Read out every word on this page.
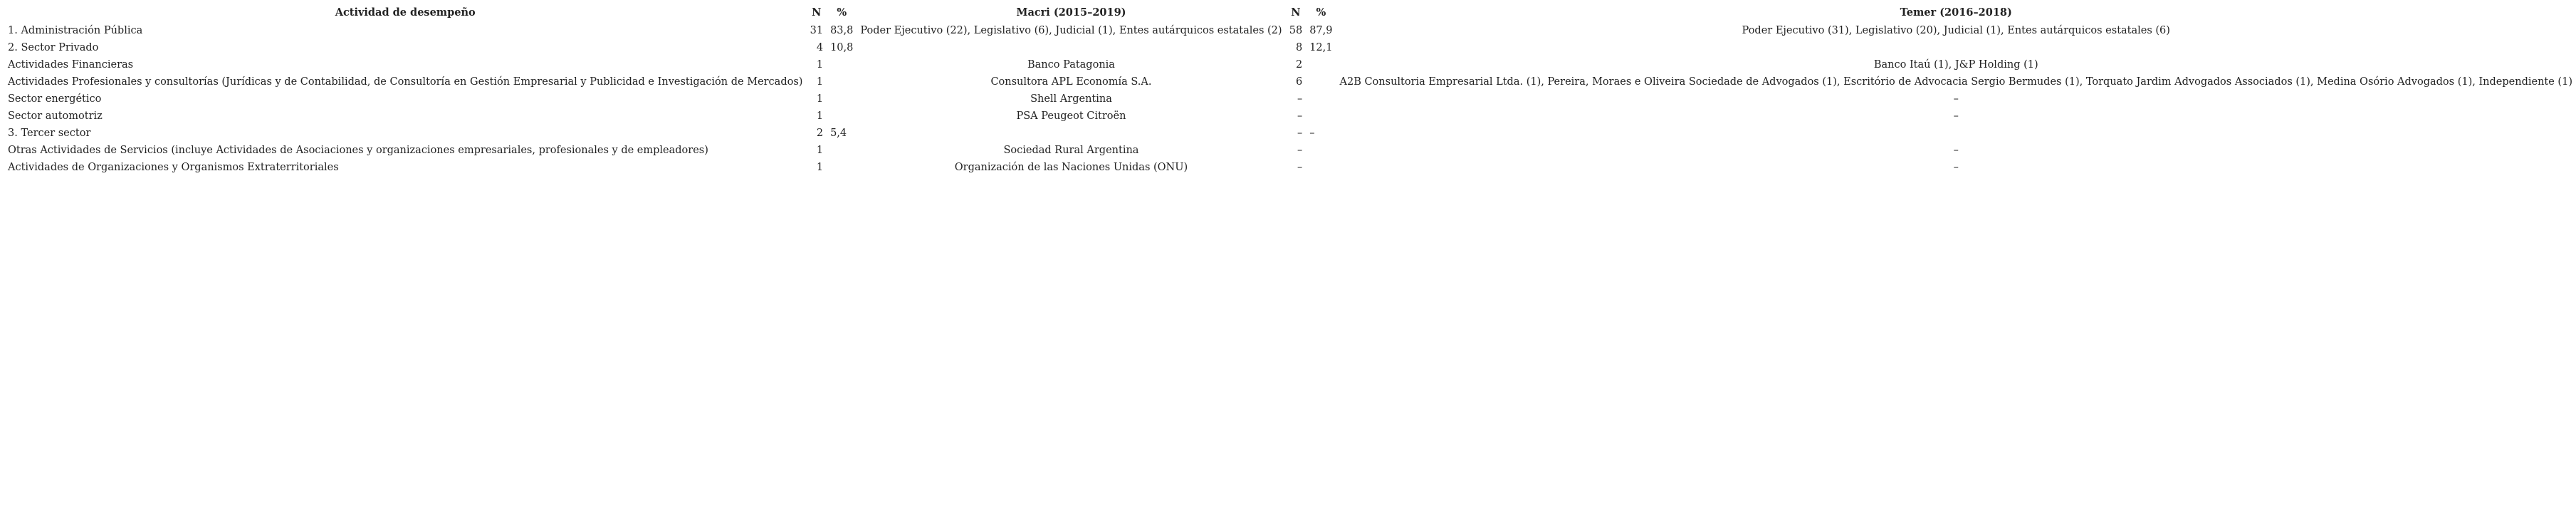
Actividad de desempeño	N	%	Macri (2015–2019)	N	%	Temer (2016–2018)
1. Administración Pública	31	83,8	Poder Ejecutivo (22), Legislativo (6), Judicial (1), Entes autárquicos estatales (2)	58	87,9	Poder Ejecutivo (31), Legislativo (20), Judicial (1), Entes autárquicos estatales (6)
2. Sector Privado	4	10,8		8	12,1	
Actividades Financieras	1		Banco Patagonia	2		Banco Itaú (1), J&P Holding (1)
Actividades Profesionales y consultorías (Jurídicas y de Contabilidad, de Consultoría en Gestión Empresarial y Publicidad e Investigación de Mercados)	1		Consultora APL Economía S.A.	6		A2B Consultoria Empresarial Ltda. (1), Pereira, Moraes e Oliveira Sociedade de Advogados (1), Escritório de Advocacia Sergio Bermudes (1), Torquato Jardim Advogados Associados (1), Medina Osório Advogados (1), Independiente (1)
Sector energético	1		Shell Argentina	–		–
Sector automotriz	1		PSA Peugeot Citroën	–		–
3. Tercer sector	2	5,4		–	–	
Otras Actividades de Servicios (incluye Actividades de Asociaciones y organizaciones empresariales, profesionales y de empleadores)	1		Sociedad Rural Argentina	–		–
Actividades de Organizaciones y Organismos Extraterritoriales	1		Organización de las Naciones Unidas (ONU)	–		–
